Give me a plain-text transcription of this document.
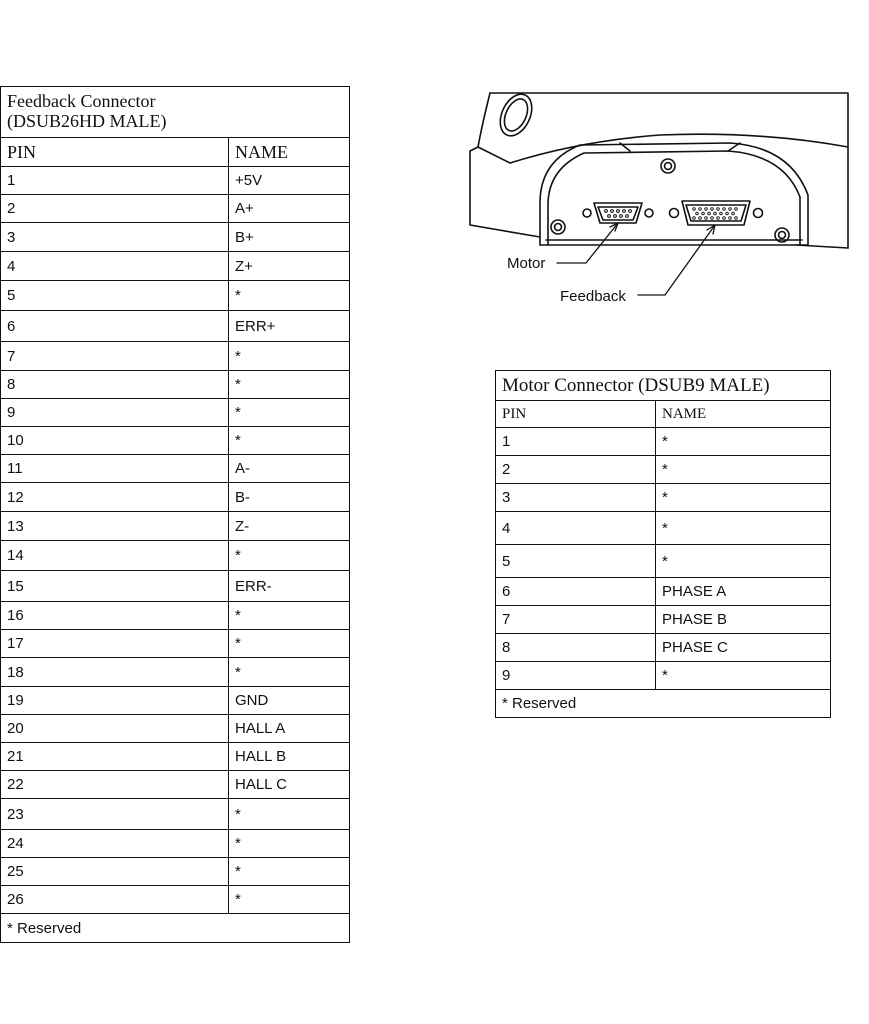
Feedback Connector
(DSUB26HD MALE)	

PIN	NAME
1	+5V
2	A+
3	B+
4	Z+
5	*
6	ERR+
7	*
8	*
9	*
10	*
11	A-
12	B-
13	Z-
14	*
15	ERR-
16	*
17	*
18	*
19	GND
20	HALL A
21	HALL B
22	HALL C
23	*
24	*
25	*
26	*
* Reserved	
Motor Connector (DSUB9 MALE)	
PIN	NAME
1	*
2	*
3	*
4	*
5	*
6	PHASE A
7	PHASE B
8	PHASE C
9	*
* Reserved	
Motor
Feedback
